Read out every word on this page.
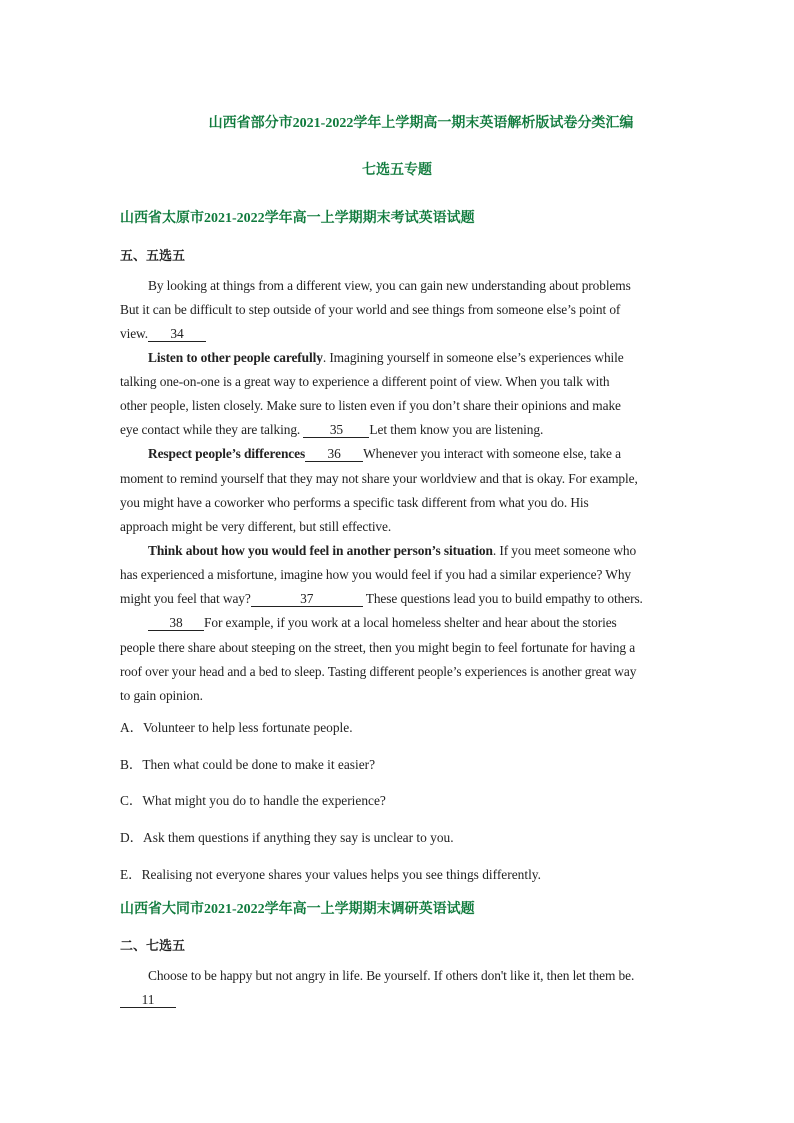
山西省部分市2021-2022学年上学期高一期末英语解析版试卷分类汇编
七选五专题
山西省太原市2021-2022学年高一上学期期末考试英语试题
五、五选五
By looking at things from a different view, you can gain new understanding about problems
But it can be difficult to step outside of your world and see things from someone else’s point of
view. 34
Listen to other people carefully. Imagining yourself in someone else’s experiences while
talking one-on-one is a great way to experience a different point of view. When you talk with
other people, listen closely. Make sure to listen even if you don’t share their opinions and make
eye contact while they are talking. 35 Let them know you are listening.
Respect people’s differences 36 Whenever you interact with someone else, take a
moment to remind yourself that they may not share your worldview and that is okay. For example,
you might have a coworker who performs a specific task different from what you do. His
approach might be very different, but still effective.
Think about how you would feel in another person’s situation. If you meet someone who
has experienced a misfortune, imagine how you would feel if you had a similar experience? Why
might you feel that way?	37	These questions lead you to build empathy to others.
38 For example, if you work at a local homeless shelter and hear about the stories
people there share about steeping on the street, then you might begin to feel fortunate for having a
roof over your head and a bed to sleep. Tasting different people’s experiences is another great way
to gain opinion.
A．Volunteer to help less fortunate people.
B．Then what could be done to make it easier?
C．What might you do to handle the experience?
D．Ask them questions if anything they say is unclear to you.
E．Realising not everyone shares your values helps you see things differently.
山西省大同市2021-2022学年高一上学期期末调研英语试题
二、七选五
Choose to be happy but not angry in life. Be yourself. If others don't like it, then let them be.
11
